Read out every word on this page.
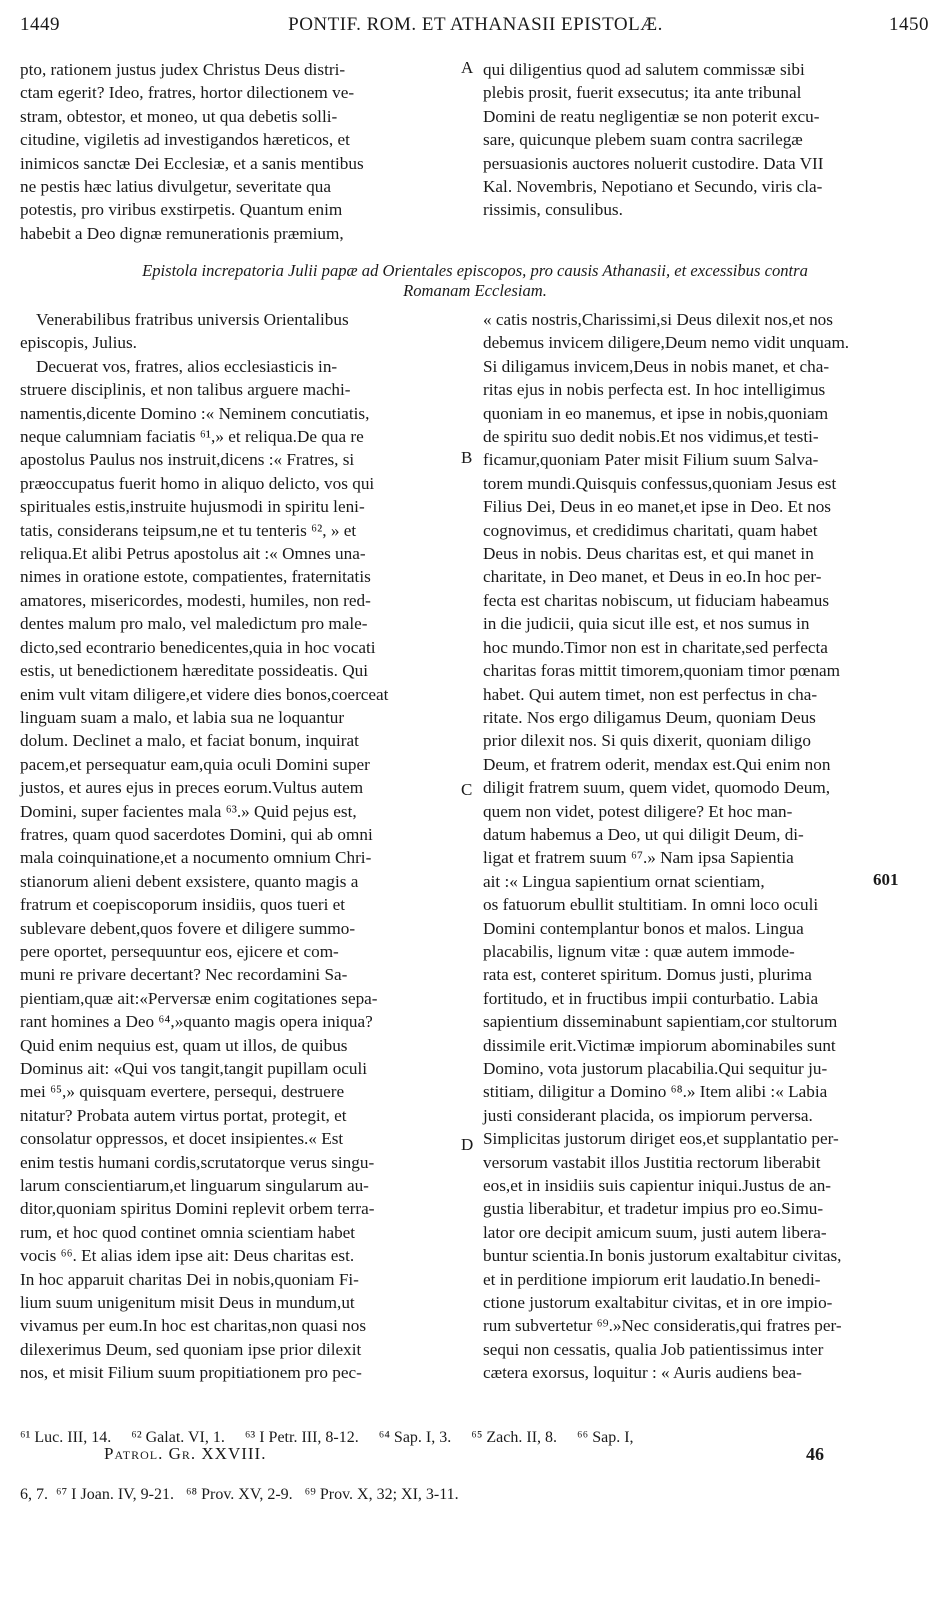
1449	PONTIF. ROM. ET ATHANASII EPISTOLÆ.	1450

pto, rationem justus judex Christus Deus distri-
ctam egerit? Ideo, fratres, hortor dilectionem ve-
stram, obtestor, et moneo, ut qua debetis solli-
citudine, vigiletis ad investigandos hæreticos, et
inimicos sanctæ Dei Ecclesiæ, et a sanis mentibus
ne pestis hæc latius divulgetur, severitate qua
potestis, pro viribus exstirpetis. Quantum enim
habebit a Deo dignæ remunerationis præmium,

A qui diligentius quod ad salutem commissæ sibi
plebis prosit, fuerit exsecutus; ita ante tribunal
Domini de reatu negligentiæ se non poterit excu-
sare, quicunque plebem suam contra sacrilegæ
persuasionis auctores noluerit custodire. Data VII
Kal. Novembris, Nepotiano et Secundo, viris cla-
rissimis, consulibus.

Epistola increpatoria Julii papæ ad Orientales episcopos, pro causis Athanasii, et excessibus contra
Romanam Ecclesiam.

Venerabilibus fratribus universis Orientalibus
episcopis, Julius.

Decuerat vos, fratres, alios ecclesiasticis in-
struere disciplinis, et non talibus arguere machi-
namentis,dicente Domino :« Neminem concutiatis,
neque calumniam faciatis ⁶¹,» et reliqua.De qua re
apostolus Paulus nos instruit,dicens :« Fratres, si
præoccupatus fuerit homo in aliquo delicto, vos qui
spirituales estis,instruite hujusmodi in spiritu leni-
tatis, considerans teipsum,ne et tu tenteris ⁶², » et
reliqua.Et alibi Petrus apostolus ait :« Omnes una-
nimes in oratione estote, compatientes, fraternitatis
amatores, misericordes, modesti, humiles, non red-
dentes malum pro malo, vel maledictum pro male-
dicto,sed econtrario benedicentes,quia in hoc vocati
estis, ut benedictionem hæreditate possideatis. Qui
enim vult vitam diligere,et videre dies bonos,coerceat
linguam suam a malo, et labia sua ne loquantur
dolum. Declinet a malo, et faciat bonum, inquirat
pacem,et persequatur eam,quia oculi Domini super
justos, et aures ejus in preces eorum.Vultus autem
Domini, super facientes mala ⁶³.» Quid pejus est,
fratres, quam quod sacerdotes Domini, qui ab omni
mala coinquinatione,et a nocumento omnium Chri-
stianorum alieni debent exsistere, quanto magis a
fratrum et coepiscoporum insidiis, quos tueri et
sublevare debent,quos fovere et diligere summo-
pere oportet, persequuntur eos, ejicere et com-
muni re privare decertant? Nec recordamini Sa-
pientiam,quæ ait:«Perversæ enim cogitationes sepa-
rant homines a Deo ⁶⁴,»quanto magis opera iniqua?
Quid enim nequius est, quam ut illos, de quibus
Dominus ait: «Qui vos tangit,tangit pupillam oculi
mei ⁶⁵,» quisquam evertere, persequi, destruere
nitatur? Probata autem virtus portat, protegit, et
consolatur oppressos, et docet insipientes.« Est
enim testis humani cordis,scrutatorque verus singu-
larum conscientiarum,et linguarum singularum au-
ditor,quoniam spiritus Domini replevit orbem terra-
rum, et hoc quod continet omnia scientiam habet
vocis ⁶⁶. Et alias idem ipse ait: Deus charitas est.
In hoc apparuit charitas Dei in nobis,quoniam Fi-
lium suum unigenitum misit Deus in mundum,ut
vivamus per eum.In hoc est charitas,non quasi nos
dilexerimus Deum, sed quoniam ipse prior dilexit
nos, et misit Filium suum propitiationem pro pec-

B
C
D

« catis nostris,Charissimi,si Deus dilexit nos,et nos
debemus invicem diligere,Deum nemo vidit unquam.
Si diligamus invicem,Deus in nobis manet, et cha-
ritas ejus in nobis perfecta est. In hoc intelligimus
quoniam in eo manemus, et ipse in nobis,quoniam
de spiritu suo dedit nobis.Et nos vidimus,et testi-
ficamur,quoniam Pater misit Filium suum Salva-
torem mundi.Quisquis confessus,quoniam Jesus est
Filius Dei, Deus in eo manet,et ipse in Deo. Et nos
cognovimus, et credidimus charitati, quam habet
Deus in nobis. Deus charitas est, et qui manet in
charitate, in Deo manet, et Deus in eo.In hoc per-
fecta est charitas nobiscum, ut fiduciam habeamus
in die judicii, quia sicut ille est, et nos sumus in
hoc mundo.Timor non est in charitate,sed perfecta
charitas foras mittit timorem,quoniam timor pœnam
habet. Qui autem timet, non est perfectus in cha-
ritate. Nos ergo diligamus Deum, quoniam Deus
prior dilexit nos. Si quis dixerit, quoniam diligo
Deum, et fratrem oderit, mendax est.Qui enim non
diligit fratrem suum, quem videt, quomodo Deum,
quem non videt, potest diligere? Et hoc man-
datum habemus a Deo, ut qui diligit Deum, di-
ligat et fratrem suum ⁶⁷.» Nam ipsa Sapientia
ait :« Lingua sapientium ornat scientiam,

os fatuorum ebullit stultitiam. In omni loco oculi
Domini contemplantur bonos et malos. Lingua
placabilis, lignum vitæ : quæ autem immode-
rata est, conteret spiritum. Domus justi, plurima
fortitudo, et in fructibus impii conturbatio. Labia
sapientium disseminabunt sapientiam,cor stultorum
dissimile erit.Victimæ impiorum abominabiles sunt
Domino, vota justorum placabilia.Qui sequitur ju-
stitiam, diligitur a Domino ⁶⁸.» Item alibi :« Labia
justi considerant placida, os impiorum perversa.
Simplicitas justorum diriget eos,et supplantatio per-
versorum vastabit illos Justitia rectorum liberabit
eos,et in insidiis suis capientur iniqui.Justus de an-
gustia liberabitur, et tradetur impius pro eo.Simu-
lator ore decipit amicum suum, justi autem libera-
buntur scientia.In bonis justorum exaltabitur civitas,
et in perditione impiorum erit laudatio.In benedi-
ctione justorum exaltabitur civitas, et in ore impio-
rum subvertetur ⁶⁹.»Nec consideratis,qui fratres per-
sequi non cessatis, qualia Job patientissimus inter
cætera exorsus, loquitur : « Auris audiens bea-

601

⁶¹ Luc. III, 14.     ⁶² Galat. VI, 1.     ⁶³ I Petr. III, 8-12.     ⁶⁴ Sap. I, 3.     ⁶⁵ Zach. II, 8.     ⁶⁶ Sap. I,

6, 7.  ⁶⁷ I Joan. IV, 9-21.   ⁶⁸ Prov. XV, 2-9.   ⁶⁹ Prov. X, 32; XI, 3-11.

Patrol. Gr. XXVIII.	46
